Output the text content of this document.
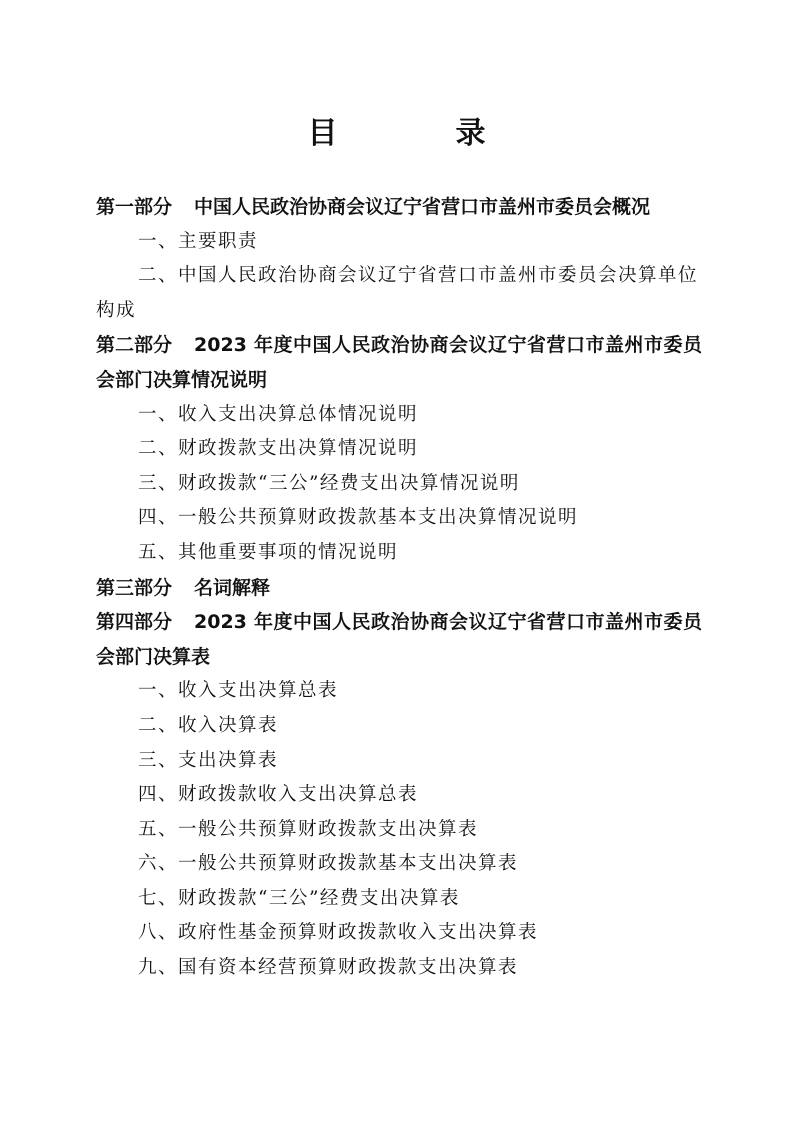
目　录
第一部分 中国人民政治协商会议辽宁省营口市盖州市委员会概况
一、主要职责
二、中国人民政治协商会议辽宁省营口市盖州市委员会决算单位构成
第二部分 2023 年度中国人民政治协商会议辽宁省营口市盖州市委员会部门决算情况说明
一、收入支出决算总体情况说明
二、财政拨款支出决算情况说明
三、财政拨款“三公”经费支出决算情况说明
四、一般公共预算财政拨款基本支出决算情况说明
五、其他重要事项的情况说明
第三部分 名词解释
第四部分 2023 年度中国人民政治协商会议辽宁省营口市盖州市委员会部门决算表
一、收入支出决算总表
二、收入决算表
三、支出决算表
四、财政拨款收入支出决算总表
五、一般公共预算财政拨款支出决算表
六、一般公共预算财政拨款基本支出决算表
七、财政拨款“三公”经费支出决算表
八、政府性基金预算财政拨款收入支出决算表
九、国有资本经营预算财政拨款支出决算表
